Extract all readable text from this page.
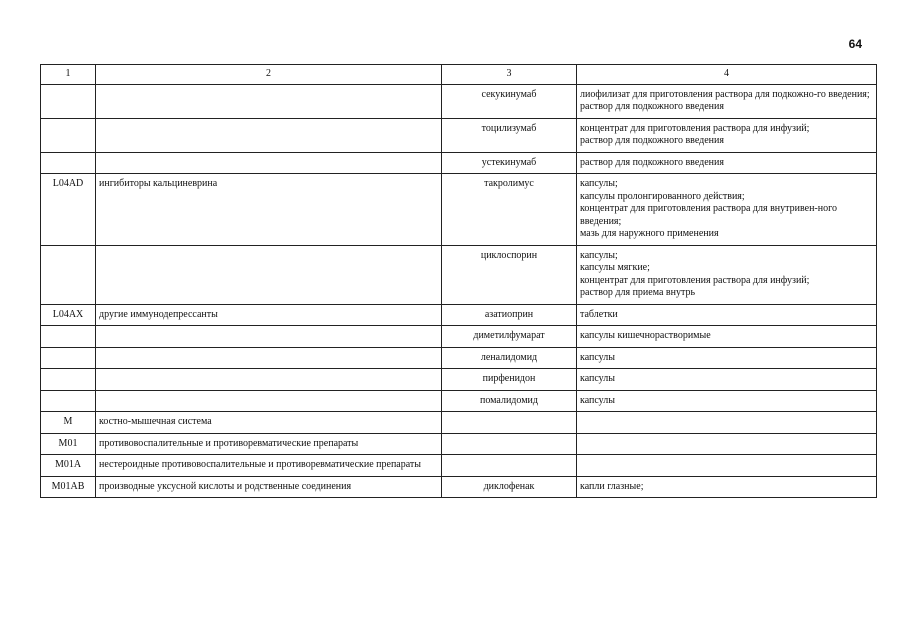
64
1	2	3	4
		секукинумаб	лиофилизат для приготовления раствора для подкожно-го введения;
раствор для подкожного введения

		тоцилизумаб	концентрат для приготовления раствора для инфузий;
раствор для подкожного введения

		устекинумаб	раствор для подкожного введения

L04AD	ингибиторы кальциневрина	такролимус	капсулы;
капсулы пролонгированного действия;
концентрат для приготовления раствора для внутривен-ного введения;
мазь для наружного применения

		циклоспорин	капсулы;
капсулы мягкие;
концентрат для приготовления раствора для инфузий;
раствор для приема внутрь

L04AX	другие иммунодепрессанты	азатиоприн	таблетки

		диметилфумарат	капсулы кишечнорастворимые

		леналидомид	капсулы

		пирфенидон	капсулы

		помалидомид	капсулы

M	костно-мышечная система		
M01	противовоспалительные и противоревматические препараты		
M01A	нестероидные противовоспалительные и противоревматические препараты		
M01AB	производные уксусной кислоты и родственные соединения	диклофенак	капли глазные;
